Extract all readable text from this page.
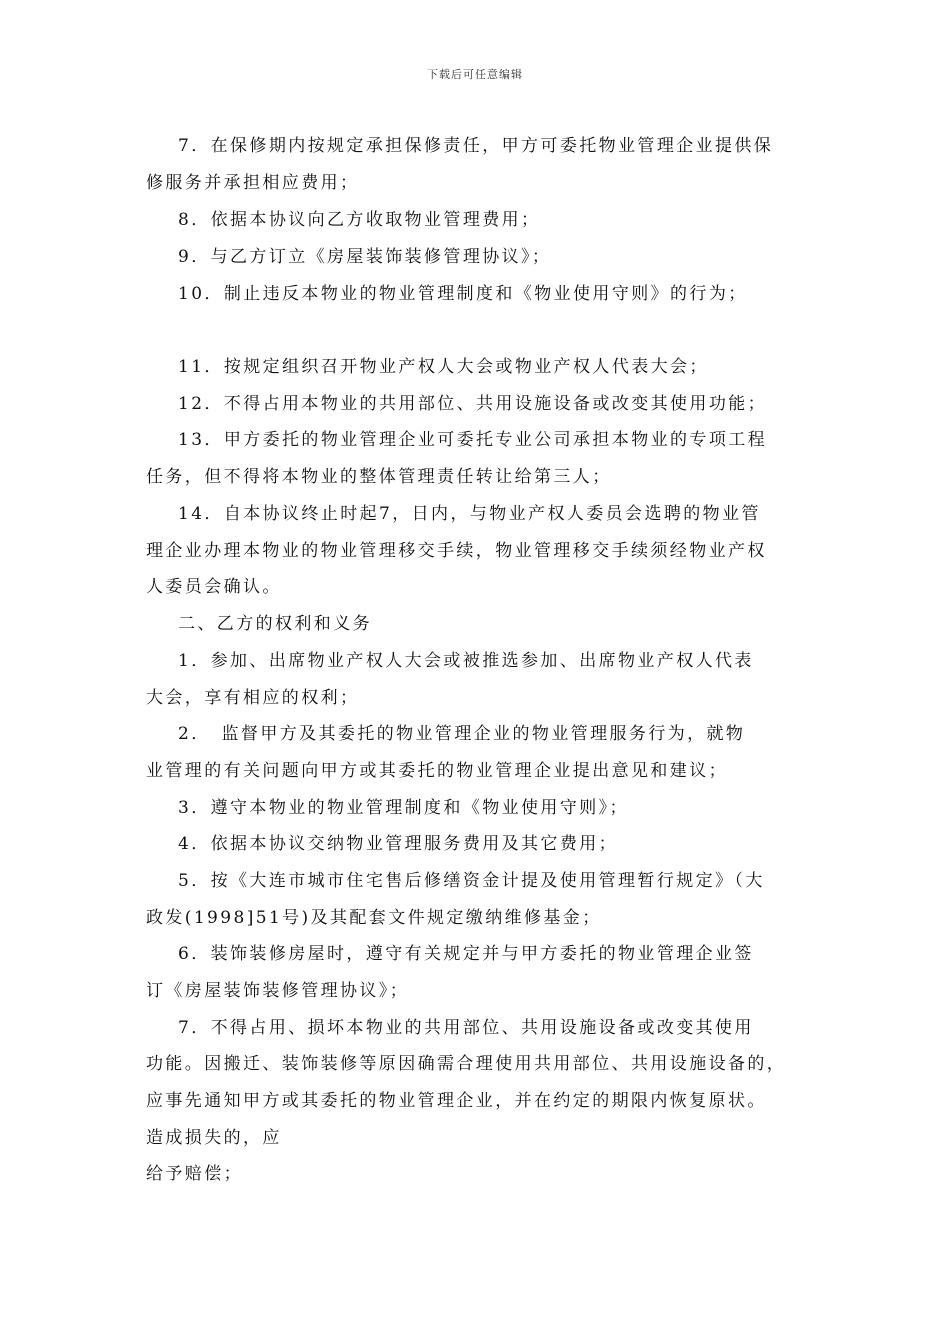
下载后可任意编辑
7．在保修期内按规定承担保修责任，甲方可委托物业管理企业提供保
修服务并承担相应费用；
8．依据本协议向乙方收取物业管理费用；
9．与乙方订立《房屋装饰装修管理协议》；
10．制止违反本物业的物业管理制度和《物业使用守则》的行为；
11．按规定组织召开物业产权人大会或物业产权人代表大会；
12．不得占用本物业的共用部位、共用设施设备或改变其使用功能；
13．甲方委托的物业管理企业可委托专业公司承担本物业的专项工程
任务，但不得将本物业的整体管理责任转让给第三人；
14．自本协议终止时起7，日内，与物业产权人委员会选聘的物业管
理企业办理本物业的物业管理移交手续，物业管理移交手续须经物业产权
人委员会确认。
二、乙方的权利和义务
1．参加、出席物业产权人大会或被推选参加、出席物业产权人代表
大会，享有相应的权利；
2．　监督甲方及其委托的物业管理企业的物业管理服务行为，就物
业管理的有关问题向甲方或其委托的物业管理企业提出意见和建议；
3．遵守本物业的物业管理制度和《物业使用守则》；
4．依据本协议交纳物业管理服务费用及其它费用；
5．按《大连市城市住宅售后修缮资金计提及使用管理暂行规定》（大
政发(1998]51号)及其配套文件规定缴纳维修基金；
6．装饰装修房屋时，遵守有关规定并与甲方委托的物业管理企业签
订《房屋装饰装修管理协议》；
7．不得占用、损坏本物业的共用部位、共用设施设备或改变其使用
功能。因搬迁、装饰装修等原因确需合理使用共用部位、共用设施设备的，
应事先通知甲方或其委托的物业管理企业，并在约定的期限内恢复原状。
造成损失的，应
给予赔偿；
